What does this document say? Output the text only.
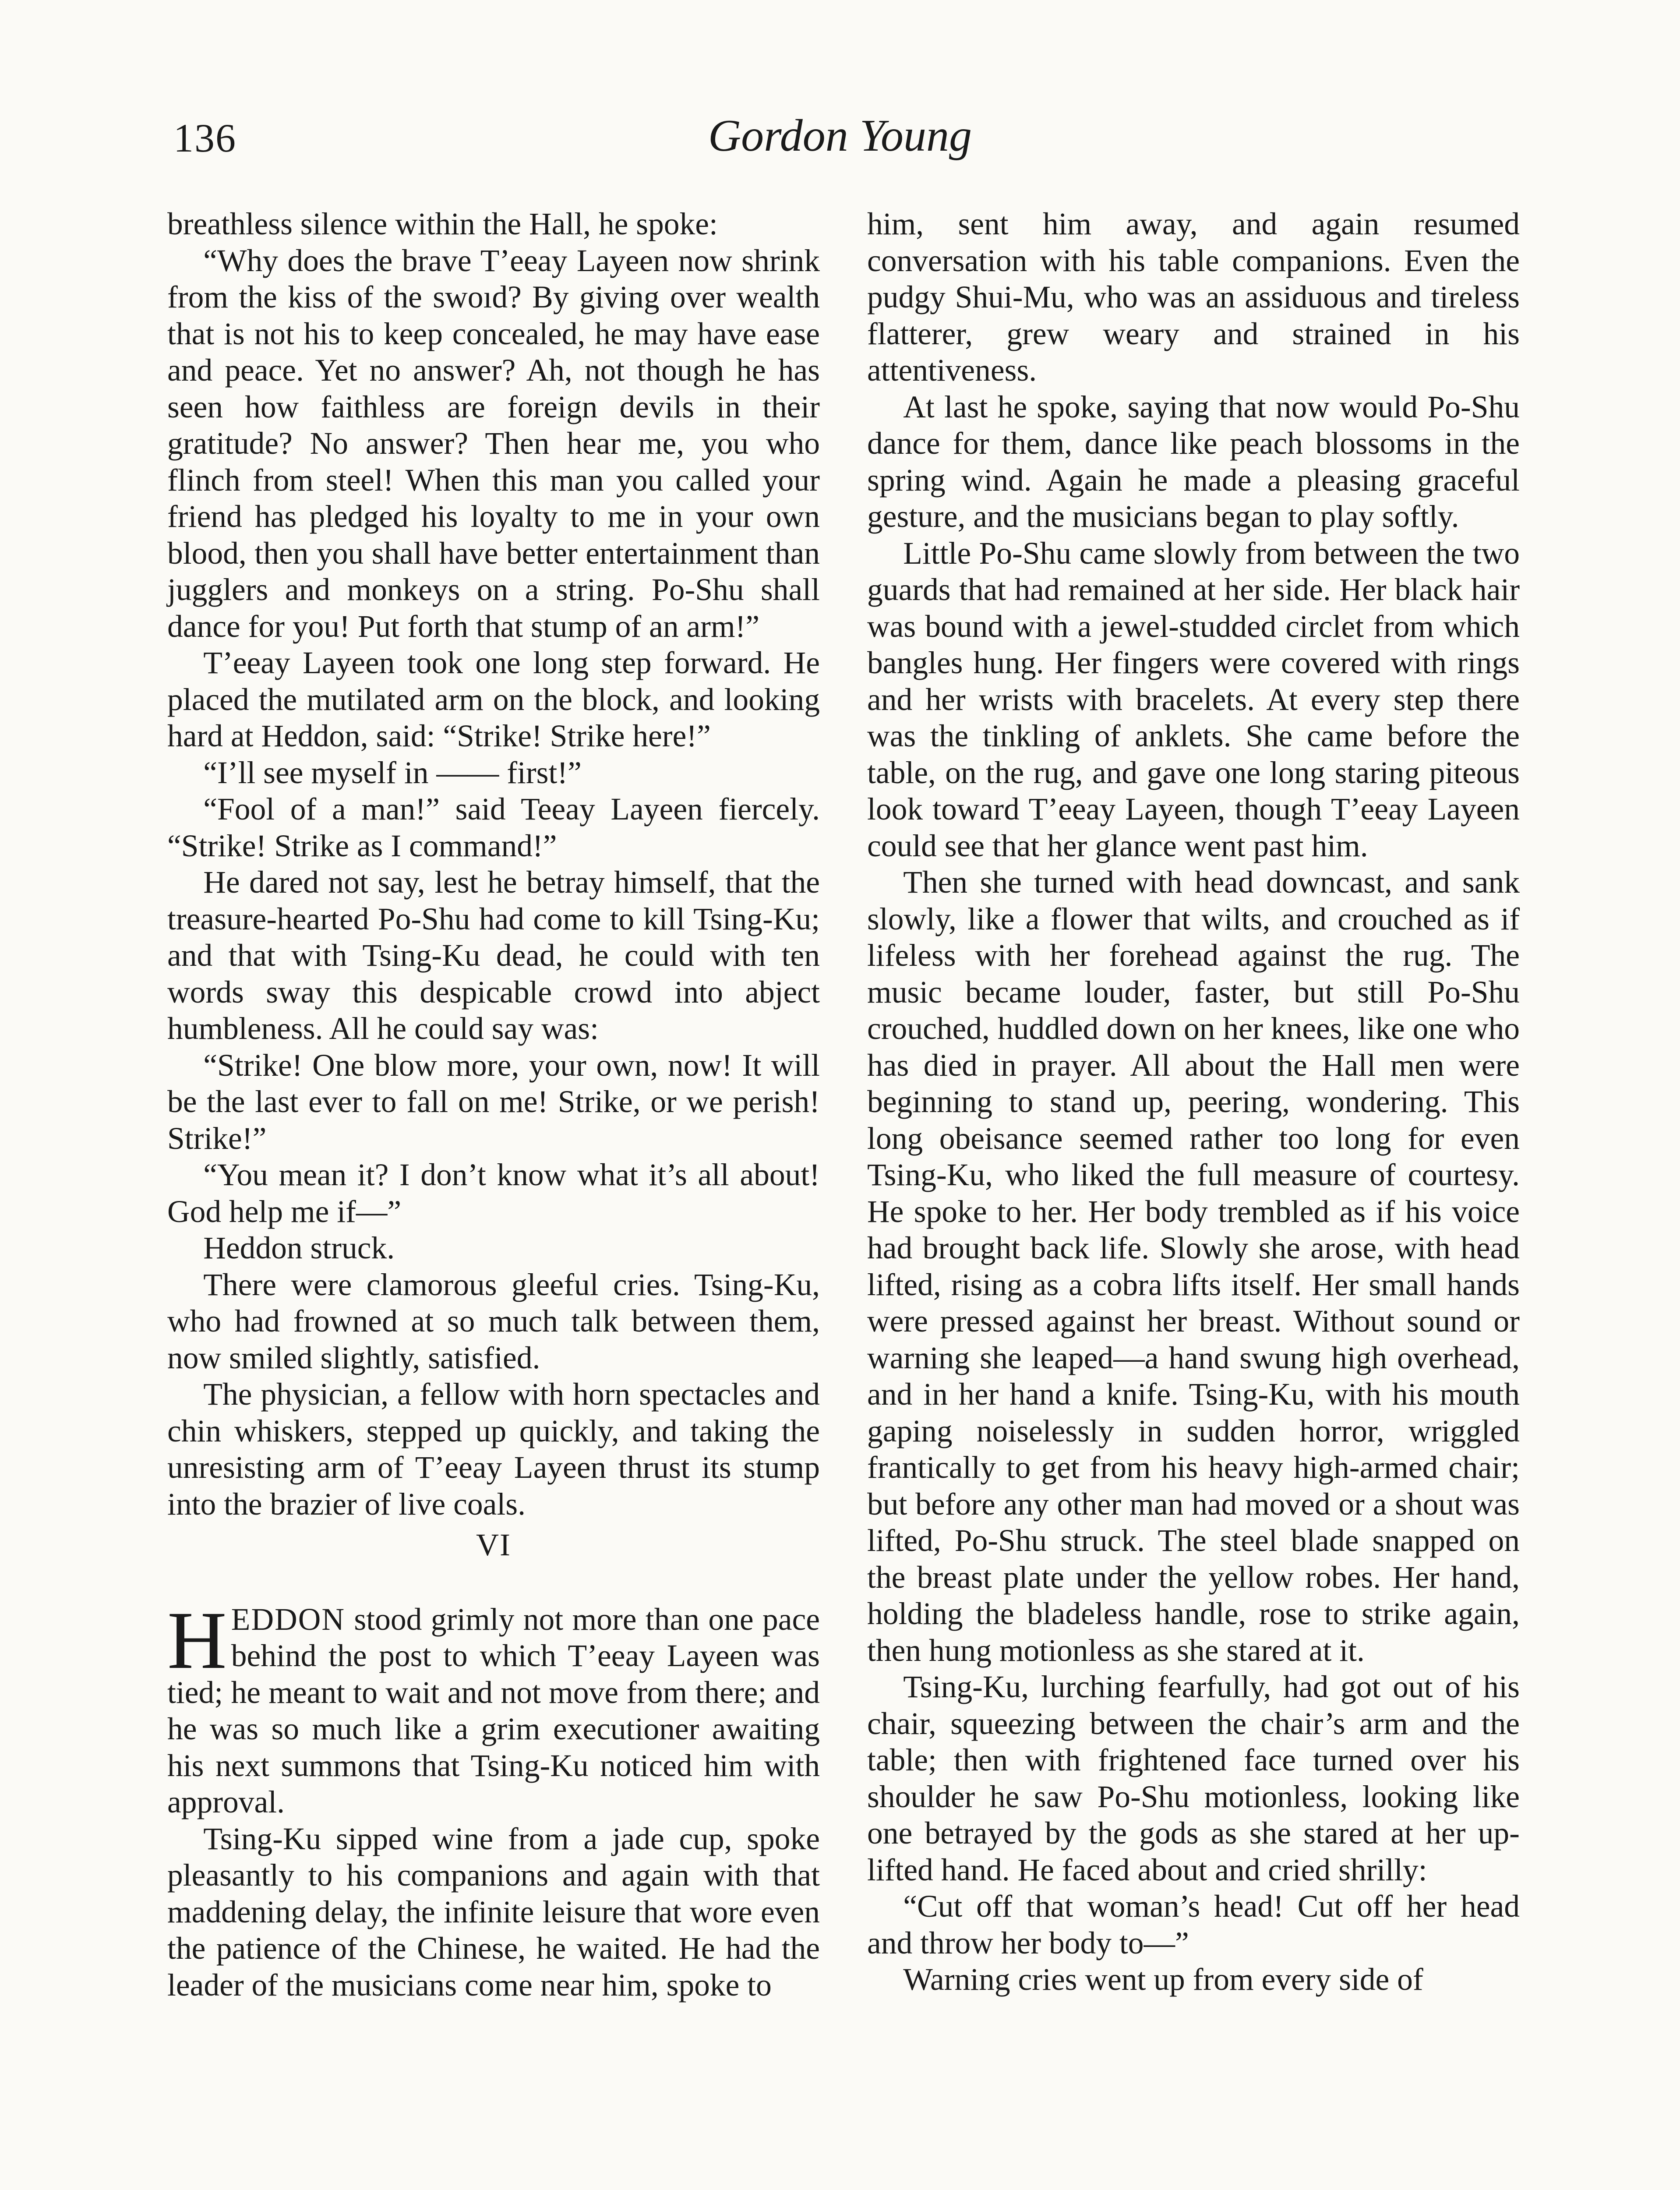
136	Gordon Young

breathless silence within the Hall, he spoke:

“Why does the brave T’eeay Layeen now shrink from the kiss of the swoıd? By giving over wealth that is not his to keep concealed, he may have ease and peace. Yet no answer? Ah, not though he has seen how faithless are foreign devils in their gratitude? No answer? Then hear me, you who flinch from steel! When this man you called your friend has pledged his loyalty to me in your own blood, then you shall have better entertainment than jugglers and monkeys on a string. Po-Shu shall dance for you! Put forth that stump of an arm!”

T’eeay Layeen took one long step forward. He placed the mutilated arm on the block, and looking hard at Heddon, said: “Strike! Strike here!”

“I’ll see myself in —— first!”

“Fool of a man!” said Teeay Layeen fiercely. “Strike! Strike as I command!”

He dared not say, lest he betray himself, that the treasure-hearted Po-Shu had come to kill Tsing-Ku; and that with Tsing-Ku dead, he could with ten words sway this despicable crowd into abject humbleness. All he could say was:

“Strike! One blow more, your own, now! It will be the last ever to fall on me! Strike, or we perish! Strike!”

“You mean it? I don’t know what it’s all about! God help me if—”

Heddon struck.

There were clamorous gleeful cries. Tsing-Ku, who had frowned at so much talk between them, now smiled slightly, satisfied.

The physician, a fellow with horn spectacles and chin whiskers, stepped up quickly, and taking the unresisting arm of T’eeay Layeen thrust its stump into the brazier of live coals.

VI

HEDDON stood grimly not more than one pace behind the post to which T’eeay Layeen was tied; he meant to wait and not move from there; and he was so much like a grim executioner awaiting his next summons that Tsing-Ku noticed him with approval.

Tsing-Ku sipped wine from a jade cup, spoke pleasantly to his companions and again with that maddening delay, the infinite leisure that wore even the patience of the Chinese, he waited. He had the leader of the musicians come near him, spoke to

him, sent him away, and again resumed conversation with his table companions. Even the pudgy Shui-Mu, who was an assiduous and tireless flatterer, grew weary and strained in his attentiveness.

At last he spoke, saying that now would Po-Shu dance for them, dance like peach blossoms in the spring wind. Again he made a pleasing graceful gesture, and the musicians began to play softly.

Little Po-Shu came slowly from between the two guards that had remained at her side. Her black hair was bound with a jewel-studded circlet from which bangles hung. Her fingers were covered with rings and her wrists with bracelets. At every step there was the tinkling of anklets. She came before the table, on the rug, and gave one long staring piteous look toward T’eeay Layeen, though T’eeay Layeen could see that her glance went past him.

Then she turned with head downcast, and sank slowly, like a flower that wilts, and crouched as if lifeless with her forehead against the rug. The music became louder, faster, but still Po-Shu crouched, huddled down on her knees, like one who has died in prayer. All about the Hall men were beginning to stand up, peering, wondering. This long obeisance seemed rather too long for even Tsing-Ku, who liked the full measure of courtesy. He spoke to her. Her body trembled as if his voice had brought back life. Slowly she arose, with head lifted, rising as a cobra lifts itself. Her small hands were pressed against her breast. Without sound or warning she leaped—a hand swung high overhead, and in her hand a knife. Tsing-Ku, with his mouth gaping noiselessly in sudden horror, wriggled frantically to get from his heavy high-armed chair; but before any other man had moved or a shout was lifted, Po-Shu struck. The steel blade snapped on the breast plate under the yellow robes. Her hand, holding the bladeless handle, rose to strike again, then hung motionless as she stared at it.

Tsing-Ku, lurching fearfully, had got out of his chair, squeezing between the chair’s arm and the table; then with frightened face turned over his shoulder he saw Po-Shu motionless, looking like one betrayed by the gods as she stared at her up-lifted hand. He faced about and cried shrilly:

“Cut off that woman’s head! Cut off her head and throw her body to—”

Warning cries went up from every side of
